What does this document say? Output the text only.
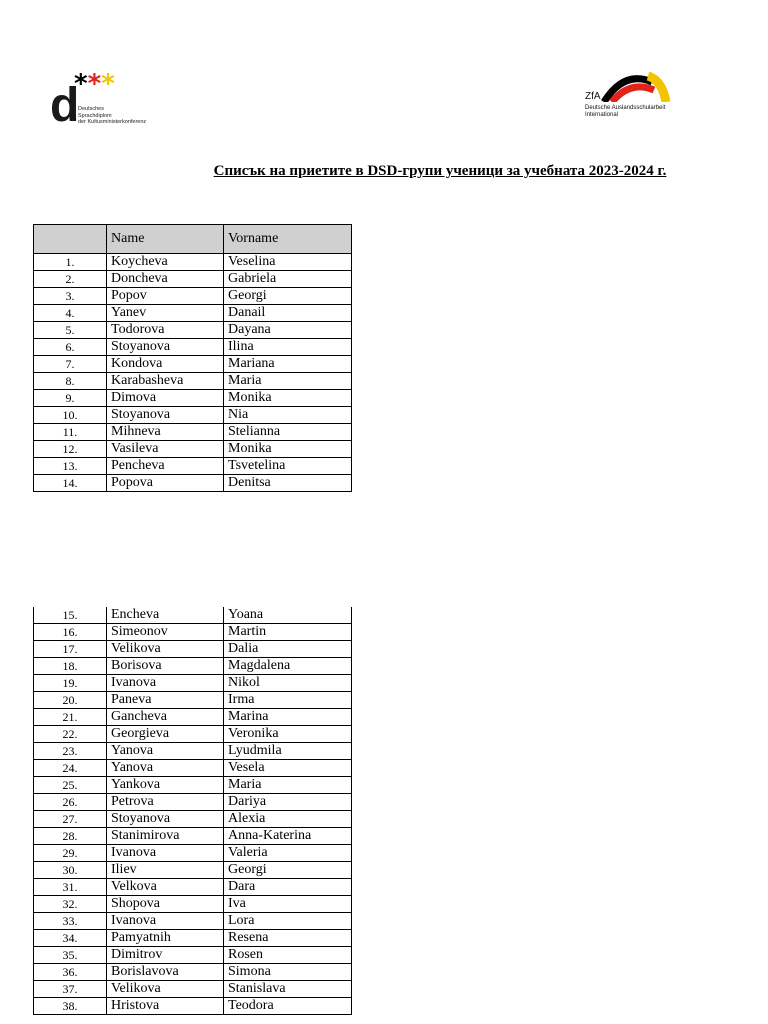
d
***
Deutsches
Sprachdiplom
der Kultusministerkonferenz
ZfA
Deutsche Auslandsschularbeit
International
Списък на приетите в DSD-групи ученици за учебната 2023-2024 г.
	Name	Vorname
1.	Koycheva	Veselina
2.	Doncheva	Gabriela
3.	Popov	Georgi
4.	Yanev	Danail
5.	Todorova	Dayana
6.	Stoyanova	Ilina
7.	Kondova	Mariana
8.	Karabasheva	Maria
9.	Dimova	Monika
10.	Stoyanova	Nia
11.	Mihneva	Stelianna
12.	Vasileva	Monika
13.	Pencheva	Tsvetelina
14.	Popova	Denitsa
15.	Encheva	Yoana
16.	Simeonov	Martin
17.	Velikova	Dalia
18.	Borisova	Magdalena
19.	Ivanova	Nikol
20.	Paneva	Irma
21.	Gancheva	Marina
22.	Georgieva	Veronika
23.	Yanova	Lyudmila
24.	Yanova	Vesela
25.	Yankova	Maria
26.	Petrova	Dariya
27.	Stoyanova	Alexia
28.	Stanimirova	Anna-Katerina
29.	Ivanova	Valeria
30.	Iliev	Georgi
31.	Velkova	Dara
32.	Shopova	Iva
33.	Ivanova	Lora
34.	Pamyatnih	Resena
35.	Dimitrov	Rosen
36.	Borislavova	Simona
37.	Velikova	Stanislava
38.	Hristova	Teodora
